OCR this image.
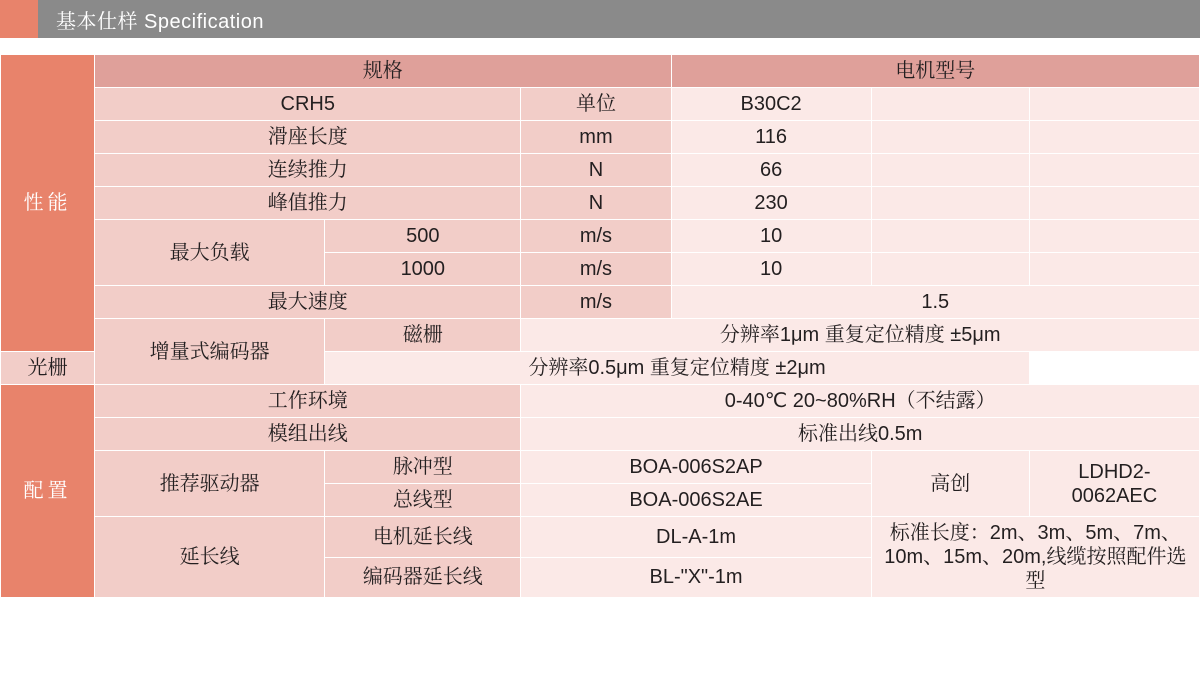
基本仕样 Specification
性能	规格			电机型号		
	CRH5		单位	B30C2		
	滑座长度		mm	116		
	连续推力		N	66		
	峰值推力		N	230		
	最大负载	500	m/s	10		
		1000	m/s	10		
	最大速度		m/s	1.5		
	增量式编码器	磁栅	分辨率1μm 重复定位精度 ±5μm			
光栅		分辨率0.5μm 重复定位精度 ±2μm				

配置	工作环境		0-40℃ 20~80%RH（不结露）			
	模组出线		标准出线0.5m			
	推荐驱动器	脉冲型	BOA-006S2AP		高创	LDHD2-0062AEC
		总线型	BOA-006S2AE			
	延长线	电机延长线	DL-A-1m		标准长度：2m、3m、5m、7m、10m、15m、20m,线缆按照配件选型	
		编码器延长线	BL-"X"-1m			
